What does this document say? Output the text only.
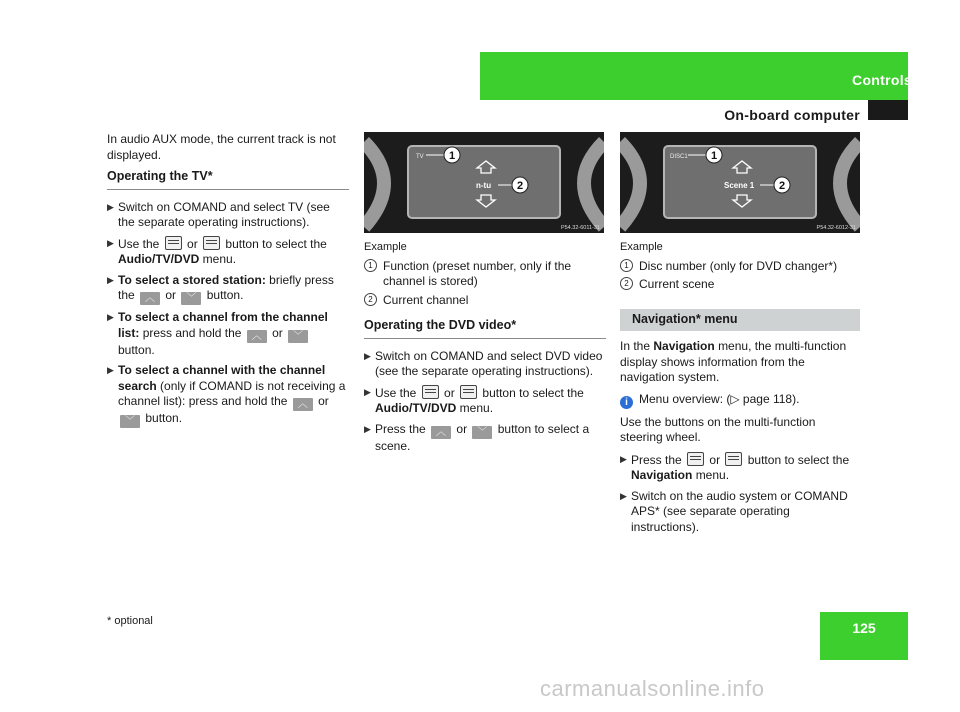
Controls
On-board computer

In audio AUX mode, the current track is not displayed.

Operating the TV*
▶ Switch on COMAND and select TV (see the separate operating instructions).
▶ Use the or button to select the Audio/TV/DVD menu.
▶ To select a stored station: briefly press the ︿ or ﹀ button.
▶ To select a channel from the channel list: press and hold the ︿ or ﹀ button.
▶ To select a channel with the channel search (only if COMAND is not receiving a channel list): press and hold the ︿ or ﹀ button.
TV 1
n-tu 2
P54.32-6011-31
Example
1 Function (preset number, only if the channel is stored)
2 Current channel
Operating the DVD video*
▶ Switch on COMAND and select DVD video (see the separate operating instructions).
▶ Use the or button to select the Audio/TV/DVD menu.
▶ Press the ︿ or ﹀ button to select a scene.
DISC1 1
Scene 1 2
P54.32-6012-31
Example
1 Disc number (only for DVD changer*)
2 Current scene
Navigation* menu

In the Navigation menu, the multi-function display shows information from the navigation system.

i Menu overview: (▷ page 118).

Use the buttons on the multi-function steering wheel.

▶ Press the or button to select the Navigation menu.
▶ Switch on the audio system or COMAND APS* (see separate operating instructions).
* optional	125
carmanualsonline.info
